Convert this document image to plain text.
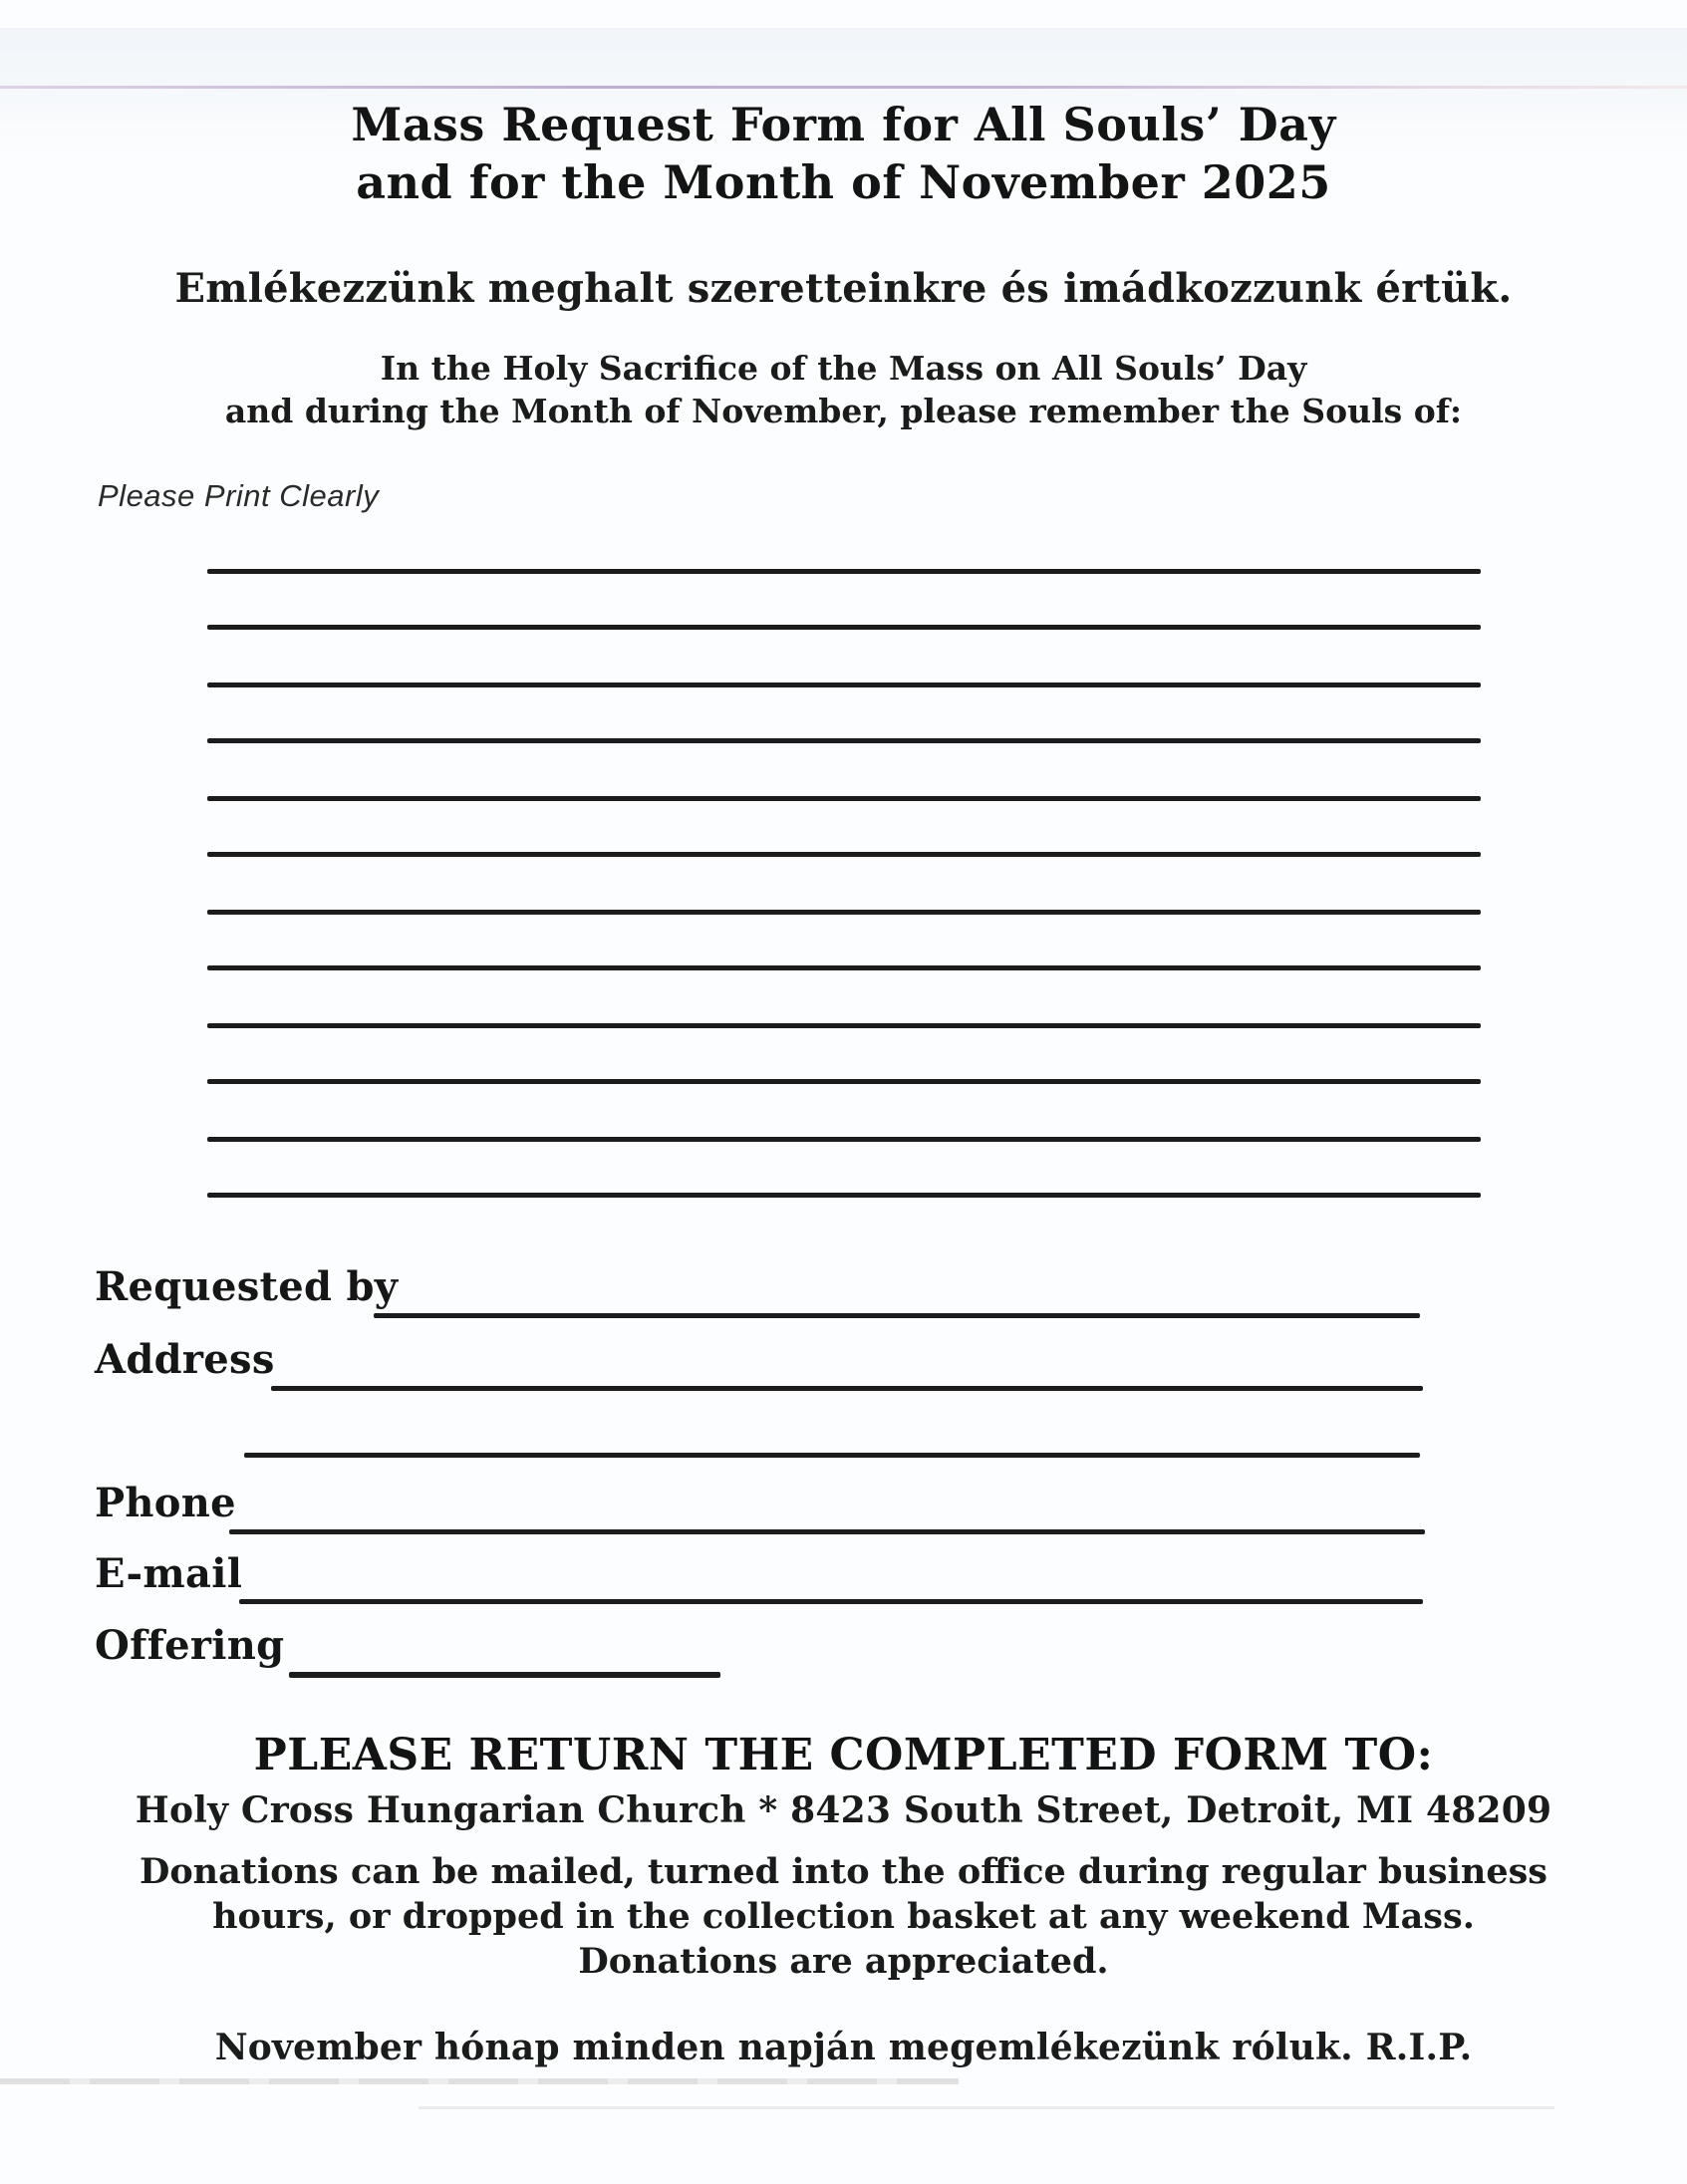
Mass Request Form for All Souls’ Day
and for the Month of November 2025
Emlékezzünk meghalt szeretteinkre és imádkozzunk értük.
In the Holy Sacrifice of the Mass on All Souls’ Day
and during the Month of November, please remember the Souls of:
Please Print Clearly
Requested by
Address
Phone
E-mail
Offering
PLEASE RETURN THE COMPLETED FORM TO:
Holy Cross Hungarian Church * 8423 South Street, Detroit, MI 48209
Donations can be mailed, turned into the office during regular business
hours, or dropped in the collection basket at any weekend Mass.
Donations are appreciated.
November hónap minden napján megemlékezünk róluk. R.I.P.
